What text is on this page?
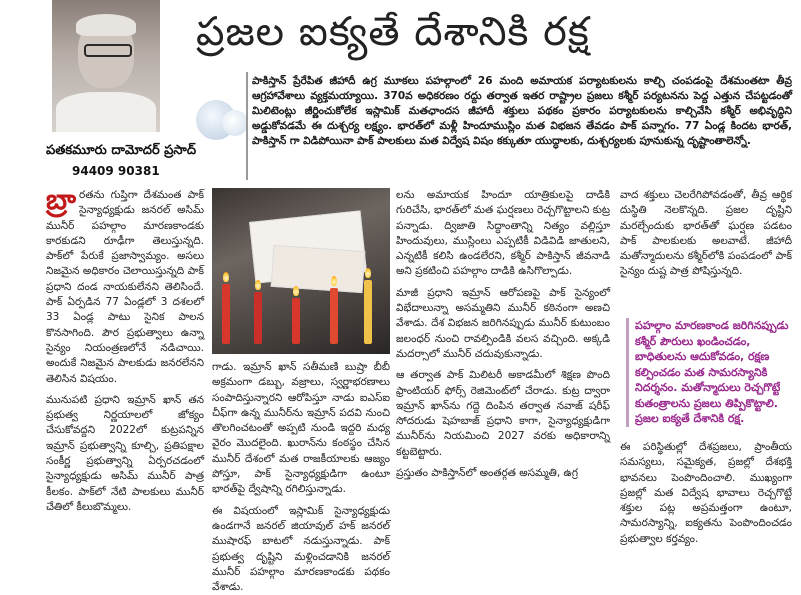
ప్రజల ఐక్యతే దేశానికి రక్ష
పతకమూరు దామోదర్ ప్రసాద్
94409 90381
పాకిస్తాన్ ప్రేరేపిత జీహాదీ ఉగ్ర మూకలు పహల్గాంలో 26 మంది అమాయక పర్యాటకులను కాల్చి చంపడంపై దేశమంతటా తీవ్ర ఆగ్రహావేశాలు వ్యక్తమయ్యాయి. 370వ అధికరణం రద్దు తర్వాత ఇతర రాష్ట్రాల ప్రజలు కశ్మీర్ పర్యటనను పెద్ద ఎత్తున చేపట్టడంతో మిలిటెంట్లు జీర్ణించుకోలేక ఇస్లామిక్ మతఛాందస జీహాదీ శక్తులు పథకం ప్రకారం పర్యాటకులను కాల్చివేసి కశ్మీర్ అభివృద్ధిని అడ్డుకోవడమే ఈ దుశ్చర్య లక్ష్యం. భారత్‌లో మళ్లీ హిందూముస్లిం మత విభజన తేవడం పాక్ పన్నాగం. 77 ఏండ్ల కిందట భారత్, పాకిస్తాన్ గా విడిపోయినా పాక్ పాలకులు మత విద్వేష విషం కక్కుతూ యుద్ధాలకు, దుశ్చర్యలకు పూనుకున్న దృష్టాంతాలెన్నో.

బ్రా రతను గుప్తిగా దేశమంత పాక్ సైన్యాధ్యక్షుడు జనరల్ అసిమ్ మునీర్ పహల్గాం మారణకాండకు కారకుడని రూఢీగా తెలుస్తున్నది. పాక్‌లో పేరుకే ప్రజాస్వామ్యం. అసలు నిజమైన అధికారం చెలాయిస్తున్నది పాక్ ప్రధాని దండ నాయకులేనని తెలిసిందే. పాక్ ఏర్పడిన 77 ఏండ్లలో 3 దశలలో 33 ఏండ్ల పాటు సైనిక పాలన కొనసాగింది. పౌర ప్రభుత్వాలు ఉన్నా సైన్యం నియంత్రణలోనే నడిచాయి. అందుకే నిజమైన పాలకుడు జనరలేనని తెలిసిన విషయం.

మునుపటి ప్రధాని ఇమ్రాన్ ఖాన్ తన ప్రభుత్వ నిర్ణయాలలో జోక్యం చేసుకోవద్దని 2022లో కుట్రపన్నిన ఇమ్రాన్ ప్రభుత్వాన్ని కూల్చి, ప్రతిపక్షాల సంకీర్ణ ప్రభుత్వాన్ని ఏర్పరచడంలో సైన్యాధ్యక్షుడు అసిమ్ మునీర్ పాత్ర కీలకం. పాక్‌లో నేటి పాలకులు మునీర్ చేతిలో కీలుబొమ్మలు.

గాడు. ఇమ్రాన్ ఖాన్ సతీమణి బుష్రా బీబీ అక్రమంగా డబ్బు, వజ్రాలు, స్వర్ణాభరణాలు సంపాదిస్తున్నారని ఆరోపిస్తూ నాడు ఐఎస్ఐ చీఫ్‌గా ఉన్న మునీర్‌ను ఇమ్రాన్ పదవి నుంచి తొలగించటంతో అప్పటి నుండి ఇద్దరి మధ్య వైరం మొదలైంది. ఖురాన్‌ను కంఠస్థం చేసిన మునీర్ దేశంలో మత రాజకీయాలకు ఆజ్యం పోస్తూ, పాక్ సైన్యాధ్యక్షుడిగా ఉంటూ భారత్‌పై ద్వేషాన్ని రగిలిస్తున్నాడు.

ఈ విషయంలో ఇస్లామిక్ సైన్యాధ్యక్షుడు ఉండగానే జనరల్ జియావుల్ హక్ జనరల్ ముషారఫ్ బాటలో నడుస్తున్నాడు. పాక్ ప్రభుత్వ దృష్టిని మళ్లించడానికి జనరల్ మునీర్ పహల్గాం మారణకాండకు పథకం వేశాడు.

లను అమాయక హిందూ యాత్రికులపై దాడికి గురిచేసి, భారత్‌లో మత ఘర్షణలు రెచ్చగొట్టాలని కుట్ర పన్నాడు. ద్విజాతి సిద్ధాంతాన్ని నిత్యం వల్లిస్తూ హిందువులు, ముస్లింలు ఎప్పటికీ విడివిడి జాతులని, ఎన్నటికీ కలిసి ఉండలేరని, కశ్మీర్ పాకిస్తాన్ జీవనాడి అని ప్రకటించి పహల్గాం దాడికి ఉసిగొల్పాడు.

మాజీ ప్రధాని ఇమ్రాన్ ఆరోపణపై పాక్ సైన్యంలో విభేదాలున్నా అసమ్మతిని మునీర్ కఠినంగా అణచి వేశాడు. దేశ విభజన జరిగినప్పుడు మునీర్ కుటుంబం జలంధర్ నుంచి రావల్పిండికి వలస వచ్చింది. అక్కడి మదర్సాలో మునీర్ చదువుకున్నాడు.

ఆ తర్వాత పాక్ మిలిటరీ అకాడమీలో శిక్షణ పొంది ఫ్రాంటియర్ ఫోర్స్ రెజిమెంట్‌లో చేరాడు. కుట్ర ద్వారా ఇమ్రాన్ ఖాన్‌ను గద్దె దింపిన తర్వాత నవాజ్ షరీఫ్ సోదరుడు షెహబాజ్ ప్రధాని కాగా, సైన్యాధ్యక్షుడిగా మునీర్‌ను నియమించి 2027 వరకు అధికారాన్ని కట్టబెట్టారు.

ప్రస్తుతం పాకిస్తాన్‌లో అంతర్గత అసమ్మతి, ఉగ్ర

వాద శక్తులు చెలరేగిపోవడంతో, తీవ్ర ఆర్థిక దుస్థితి నెలకొన్నది. ప్రజల దృష్టిని మరల్చేందుకు భారత్‌తో ఘర్షణ పడటం పాక్ పాలకులకు అలవాటే. జీహాదీ మతోన్మాదులను కశ్మీర్‌లోకి పంపడంలో పాక్ సైన్యం దుష్ట పాత్ర పోషిస్తున్నది.

పహల్గాం మారణకాండ జరిగినప్పుడు కశ్మీర్ పౌరులు ఖండించడం, బాధితులను ఆదుకోవడం, రక్షణ కల్పించడం మత సామరస్యానికి నిదర్శనం. మతోన్మాదులు రెచ్చగొట్టే కుతంత్రాలను ప్రజలు తిప్పికొట్టాలి. ప్రజల ఐక్యతే దేశానికి రక్ష.
ఈ పరిస్థితుల్లో దేశప్రజలు, ప్రాంతీయ సమస్యలు, సమైక్యత, ప్రజల్లో దేశభక్తి భావనలు పెంపొందించాలి. ముఖ్యంగా ప్రజల్లో మత విద్వేష భావాలు రెచ్చగొట్టే శక్తుల పట్ల అప్రమత్తంగా ఉంటూ, సామరస్యాన్ని, ఐక్యతను పెంపొందించడం ప్రభుత్వాల కర్తవ్యం.
